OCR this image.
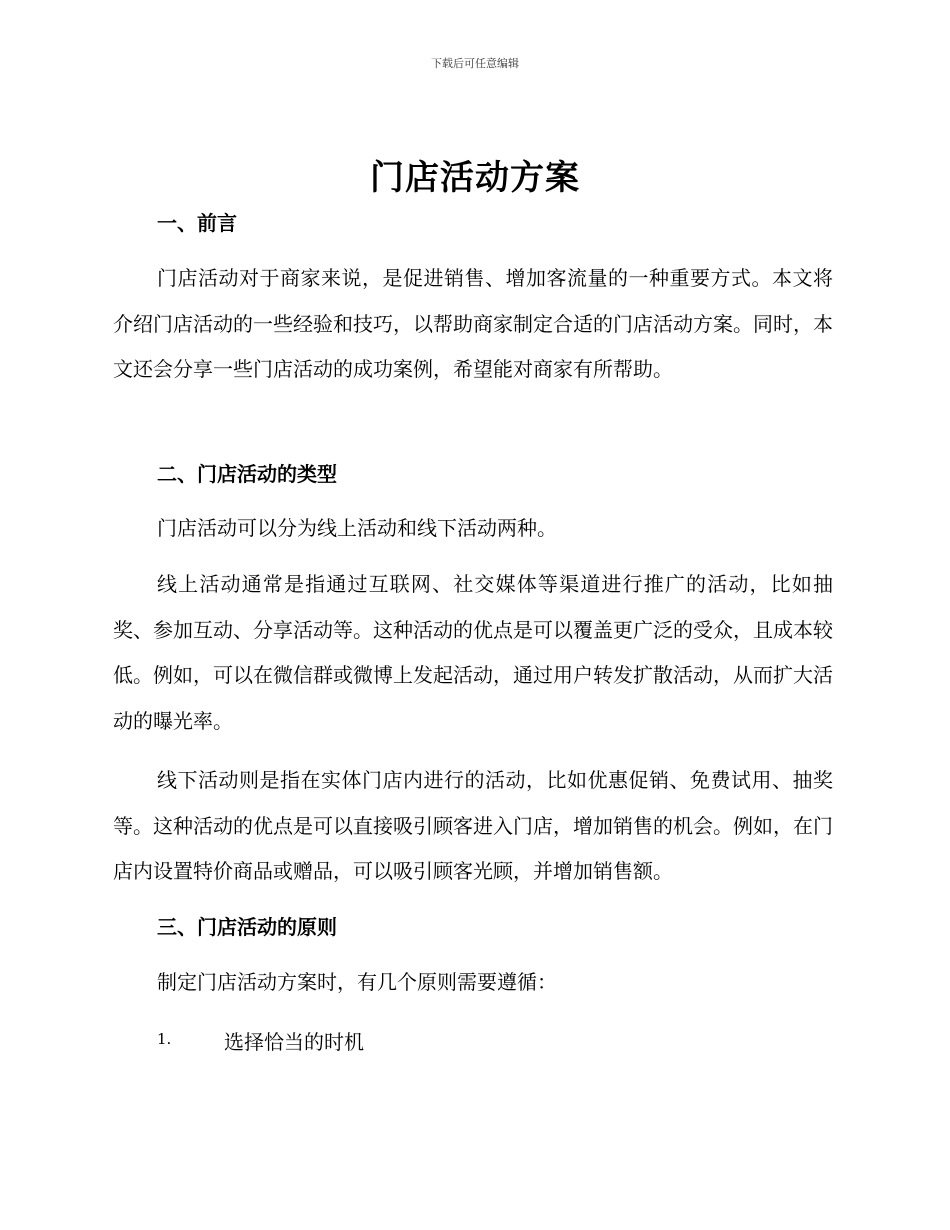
下载后可任意编辑
门店活动方案
一、前言
门店活动对于商家来说，是促进销售、增加客流量的一种重要方式。本文将介绍门店活动的一些经验和技巧，以帮助商家制定合适的门店活动方案。同时，本文还会分享一些门店活动的成功案例，希望能对商家有所帮助。
二、门店活动的类型
门店活动可以分为线上活动和线下活动两种。
线上活动通常是指通过互联网、社交媒体等渠道进行推广的活动，比如抽奖、参加互动、分享活动等。这种活动的优点是可以覆盖更广泛的受众，且成本较低。例如，可以在微信群或微博上发起活动，通过用户转发扩散活动，从而扩大活动的曝光率。
线下活动则是指在实体门店内进行的活动，比如优惠促销、免费试用、抽奖等。这种活动的优点是可以直接吸引顾客进入门店，增加销售的机会。例如，在门店内设置特价商品或赠品，可以吸引顾客光顾，并增加销售额。
三、门店活动的原则
制定门店活动方案时，有几个原则需要遵循：
1.	选择恰当的时机
